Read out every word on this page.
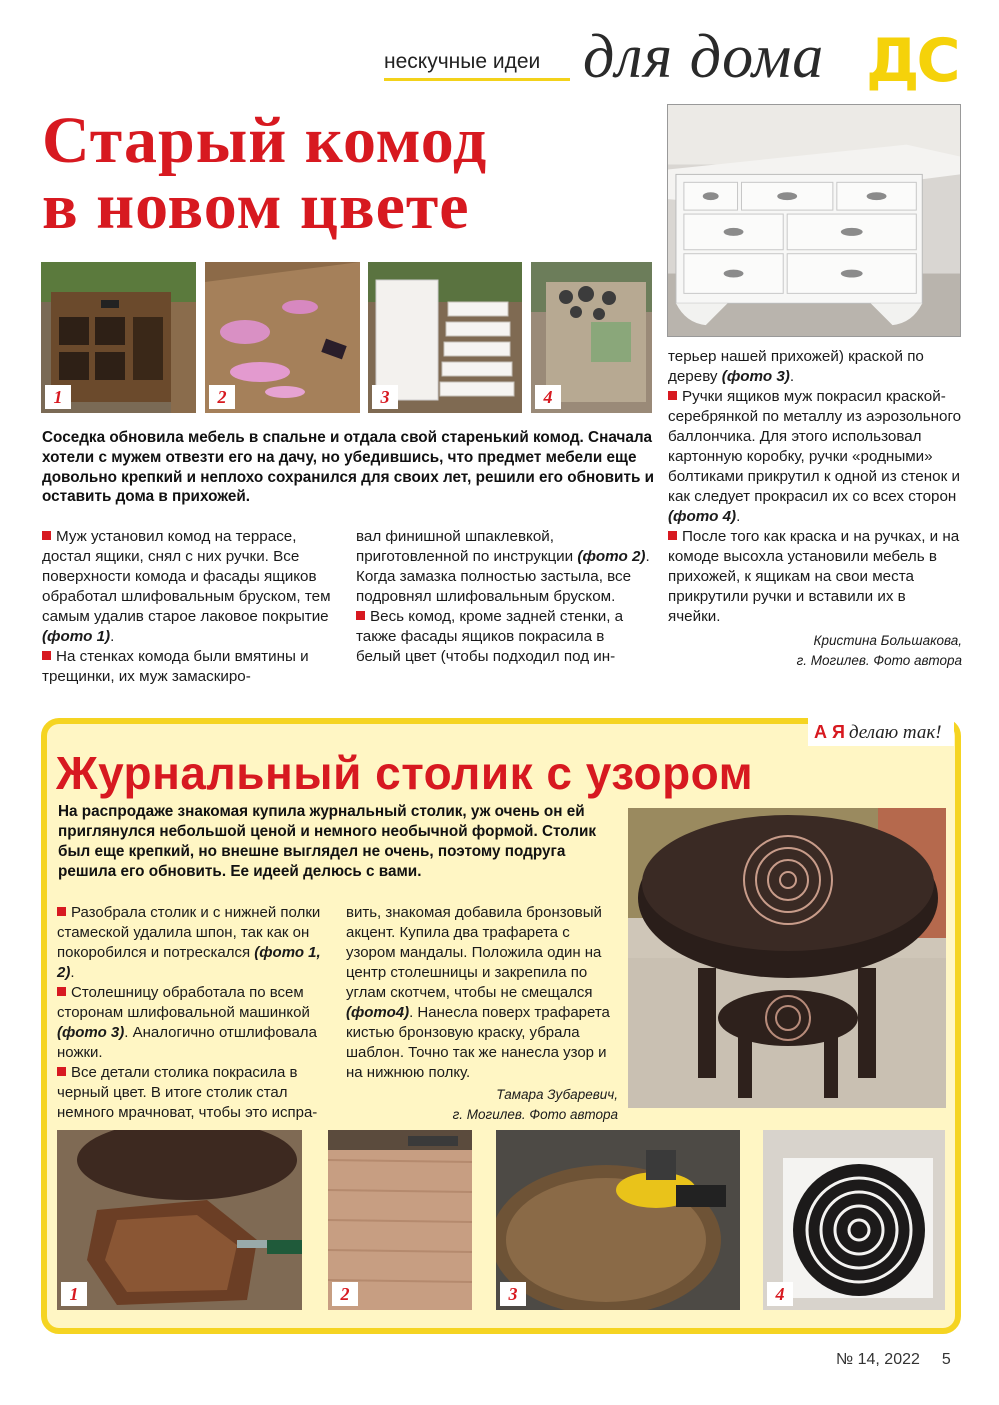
нескучные идеи для дома ДС
Старый комод
в новом цвете
1	2	3	4

Соседка обновила мебель в спальне и отдала свой старенький комод. Сначала хотели с мужем отвезти его на дачу, но убедившись, что предмет мебели еще довольно крепкий и неплохо сохранился для своих лет, решили его обновить и оставить дома в прихожей.

Муж установил комод на террасе, достал ящики, снял с них ручки. Все поверхности комода и фасады ящиков обработал шлифовальным бруском, тем самым удалив старое лаковое покрытие (фото 1).

На стенках комода были вмятины и трещинки, их муж замаскиро-

вал финишной шпаклевкой, приготовленной по инструкции (фото 2). Когда замазка полностью застыла, все подровнял шлифовальным бруском.

Весь комод, кроме задней стенки, а также фасады ящиков покрасила в белый цвет (чтобы подходил под ин-

терьер нашей прихожей) краской по дереву (фото 3).

Ручки ящиков муж покрасил краской-серебрянкой по металлу из аэрозольного баллончика. Для этого использовал картонную коробку, ручки «родными» болтиками прикрутил к одной из стенок и как следует прокрасил их со всех сторон (фото 4).

После того как краска и на ручках, и на комоде высохла установили мебель в прихожей, к ящикам на свои места прикрутили ручки и вставили их в ячейки.

Кристина Большакова,
г. Могилев. Фото автора
А Я делаю так!
Журнальный столик с узором

На распродаже знакомая купила журнальный столик, уж очень он ей приглянулся небольшой ценой и немного необычной формой. Столик был еще крепкий, но внешне выглядел не очень, поэтому подруга решила его обновить. Ее идеей делюсь с вами.

Разобрала столик и с нижней полки стамеской удалила шпон, так как он покоробился и потрескался (фото 1, 2).

Столешницу обработала по всем сторонам шлифовальной машинкой (фото 3). Аналогично отшлифовала ножки.

Все детали столика покрасила в черный цвет. В итоге столик стал немного мрачноват, чтобы это испра-

вить, знакомая добавила бронзовый акцент. Купила два трафарета с узором мандалы. Положила один на центр столешницы и закрепила по углам скотчем, чтобы не смещался (фото4). Нанесла поверх трафарета кистью бронзовую краску, убрала шаблон. Точно так же нанесла узор и на нижнюю полку.

Тамара Зубаревич,
г. Могилев. Фото автора
1	2	3	4
№ 14, 2022 5
